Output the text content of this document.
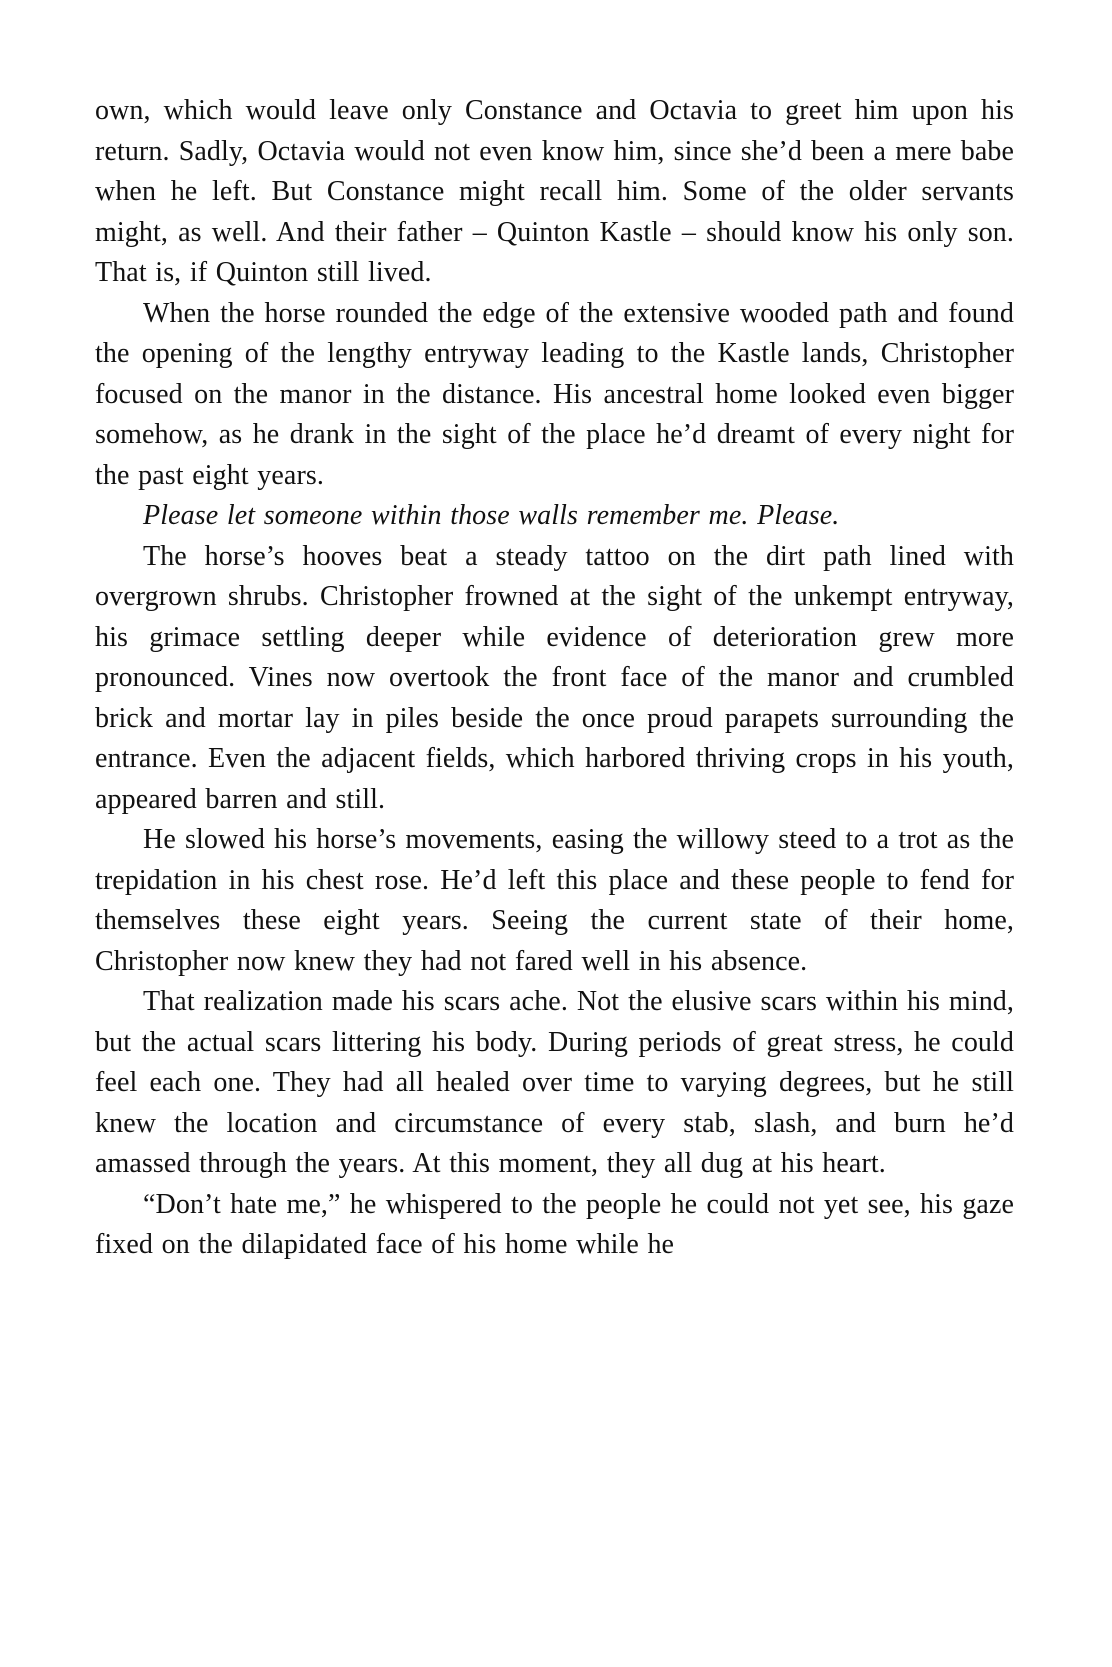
own, which would leave only Constance and Octavia to greet him upon his return. Sadly, Octavia would not even know him, since she’d been a mere babe when he left. But Constance might recall him. Some of the older servants might, as well. And their father – Quinton Kastle – should know his only son. That is, if Quinton still lived.

When the horse rounded the edge of the extensive wooded path and found the opening of the lengthy entryway leading to the Kastle lands, Christopher focused on the manor in the distance. His ancestral home looked even bigger somehow, as he drank in the sight of the place he’d dreamt of every night for the past eight years.

Please let someone within those walls remember me. Please.

The horse’s hooves beat a steady tattoo on the dirt path lined with overgrown shrubs. Christopher frowned at the sight of the unkempt entryway, his grimace settling deeper while evidence of deterioration grew more pronounced. Vines now overtook the front face of the manor and crumbled brick and mortar lay in piles beside the once proud parapets surrounding the entrance. Even the adjacent fields, which harbored thriving crops in his youth, appeared barren and still.

He slowed his horse’s movements, easing the willowy steed to a trot as the trepidation in his chest rose. He’d left this place and these people to fend for themselves these eight years. Seeing the current state of their home, Christopher now knew they had not fared well in his absence.

That realization made his scars ache. Not the elusive scars within his mind, but the actual scars littering his body. During periods of great stress, he could feel each one. They had all healed over time to varying degrees, but he still knew the location and circumstance of every stab, slash, and burn he’d amassed through the years. At this moment, they all dug at his heart.

“Don’t hate me,” he whispered to the people he could not yet see, his gaze fixed on the dilapidated face of his home while he
